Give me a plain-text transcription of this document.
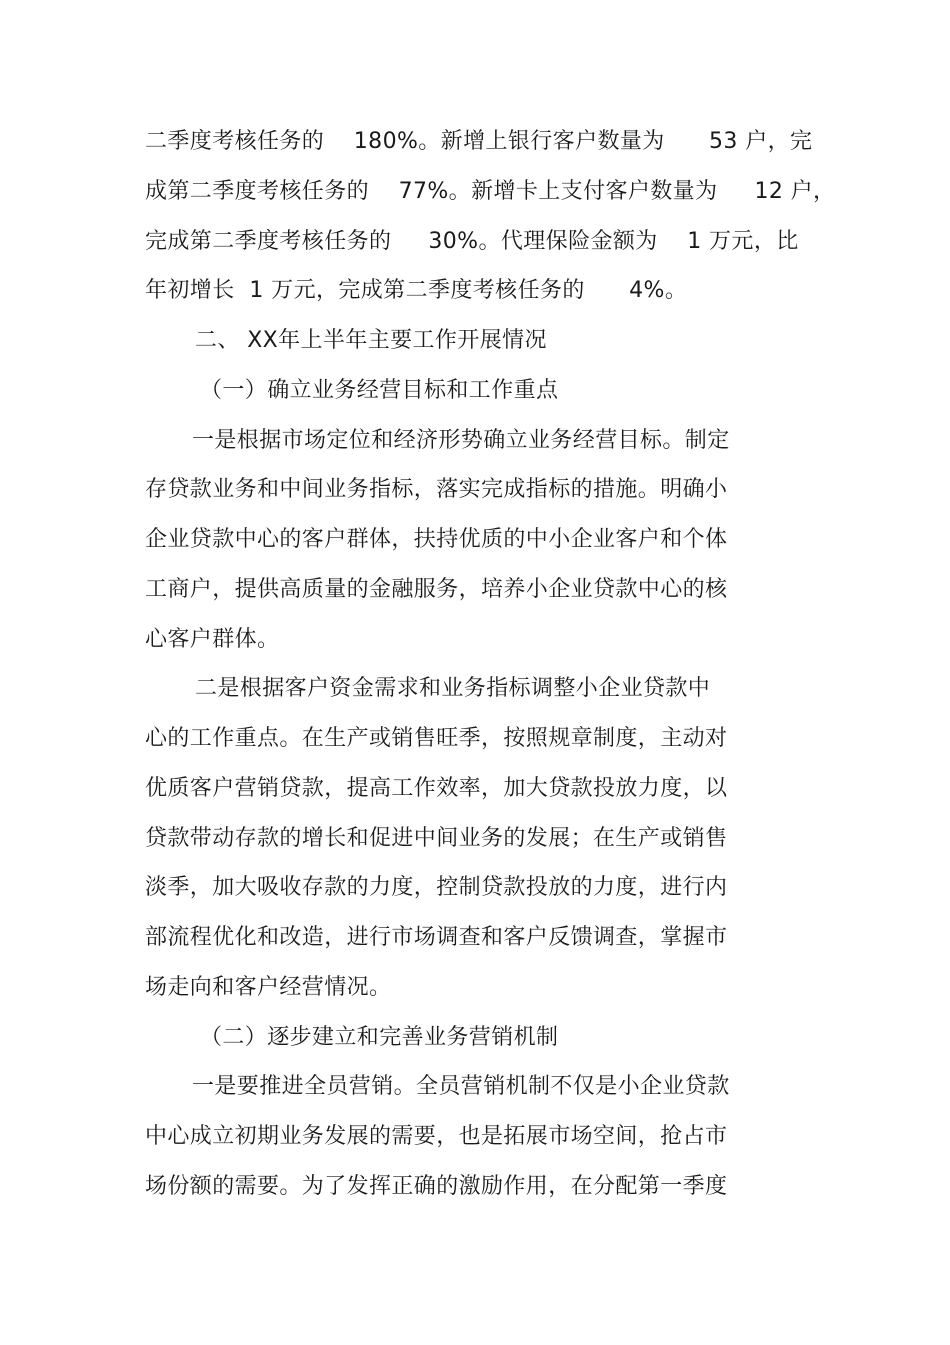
二季度考核任务的    180%。新增上银行客户数量为      53 户，完
成第二季度考核任务的    77%。新增卡上支付客户数量为     12 户，
完成第二季度考核任务的     30%。代理保险金额为    1 万元，比
年初增长  1 万元，完成第二季度考核任务的      4%。
二、 XX年上半年主要工作开展情况
（一）确立业务经营目标和工作重点
一是根据市场定位和经济形势确立业务经营目标。制定
存贷款业务和中间业务指标，落实完成指标的措施。明确小
企业贷款中心的客户群体，扶持优质的中小企业客户和个体
工商户，提供高质量的金融服务，培养小企业贷款中心的核
心客户群体。
二是根据客户资金需求和业务指标调整小企业贷款中
心的工作重点。在生产或销售旺季，按照规章制度，主动对
优质客户营销贷款，提高工作效率，加大贷款投放力度，以
贷款带动存款的增长和促进中间业务的发展；在生产或销售
淡季，加大吸收存款的力度，控制贷款投放的力度，进行内
部流程优化和改造，进行市场调查和客户反馈调查，掌握市
场走向和客户经营情况。
（二）逐步建立和完善业务营销机制
一是要推进全员营销。全员营销机制不仅是小企业贷款
中心成立初期业务发展的需要，也是拓展市场空间，抢占市
场份额的需要。为了发挥正确的激励作用，在分配第一季度
